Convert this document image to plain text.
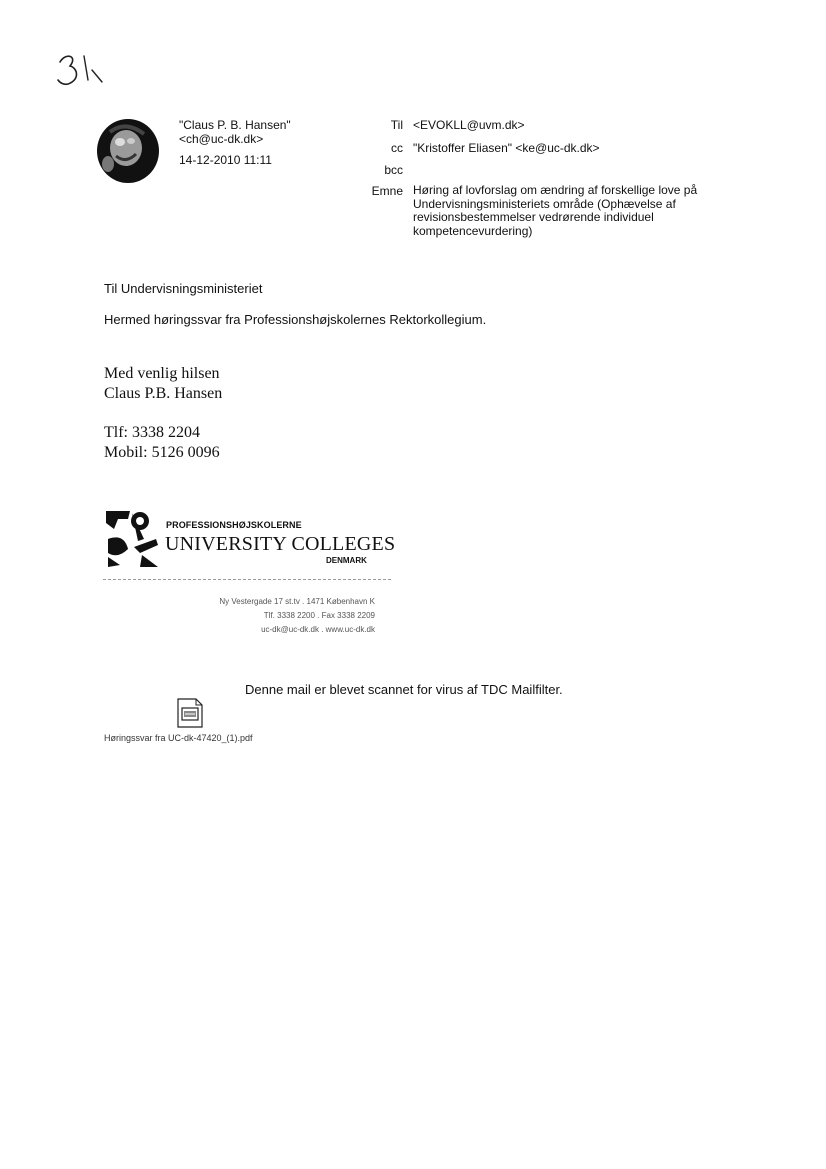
"Claus P. B. Hansen"
<ch@uc-dk.dk>
14-12-2010 11:11
Til <EVOKLL@uvm.dk>
cc "Kristoffer Eliasen" <ke@uc-dk.dk>
bcc
Emne Høring af lovforslag om ændring af forskellige love på Undervisningsministeriets område (Ophævelse af revisionsbestemmelser vedrørende individuel kompetencevurdering)
Til Undervisningsministeriet
Hermed høringssvar fra Professionshøjskolernes Rektorkollegium.
Med venlig hilsen
Claus P.B. Hansen
Tlf: 3338 2204
Mobil: 5126 0096
PROFESSIONSHØJSKOLERNE
UNIVERSITY COLLEGES
DENMARK
Ny Vestergade 17 st.tv . 1471 København K
Tlf. 3338 2200 . Fax 3338 2209
uc-dk@uc-dk.dk . www.uc-dk.dk
Denne mail er blevet scannet for virus af TDC Mailfilter.
Høringssvar fra UC-dk-47420_(1).pdf
